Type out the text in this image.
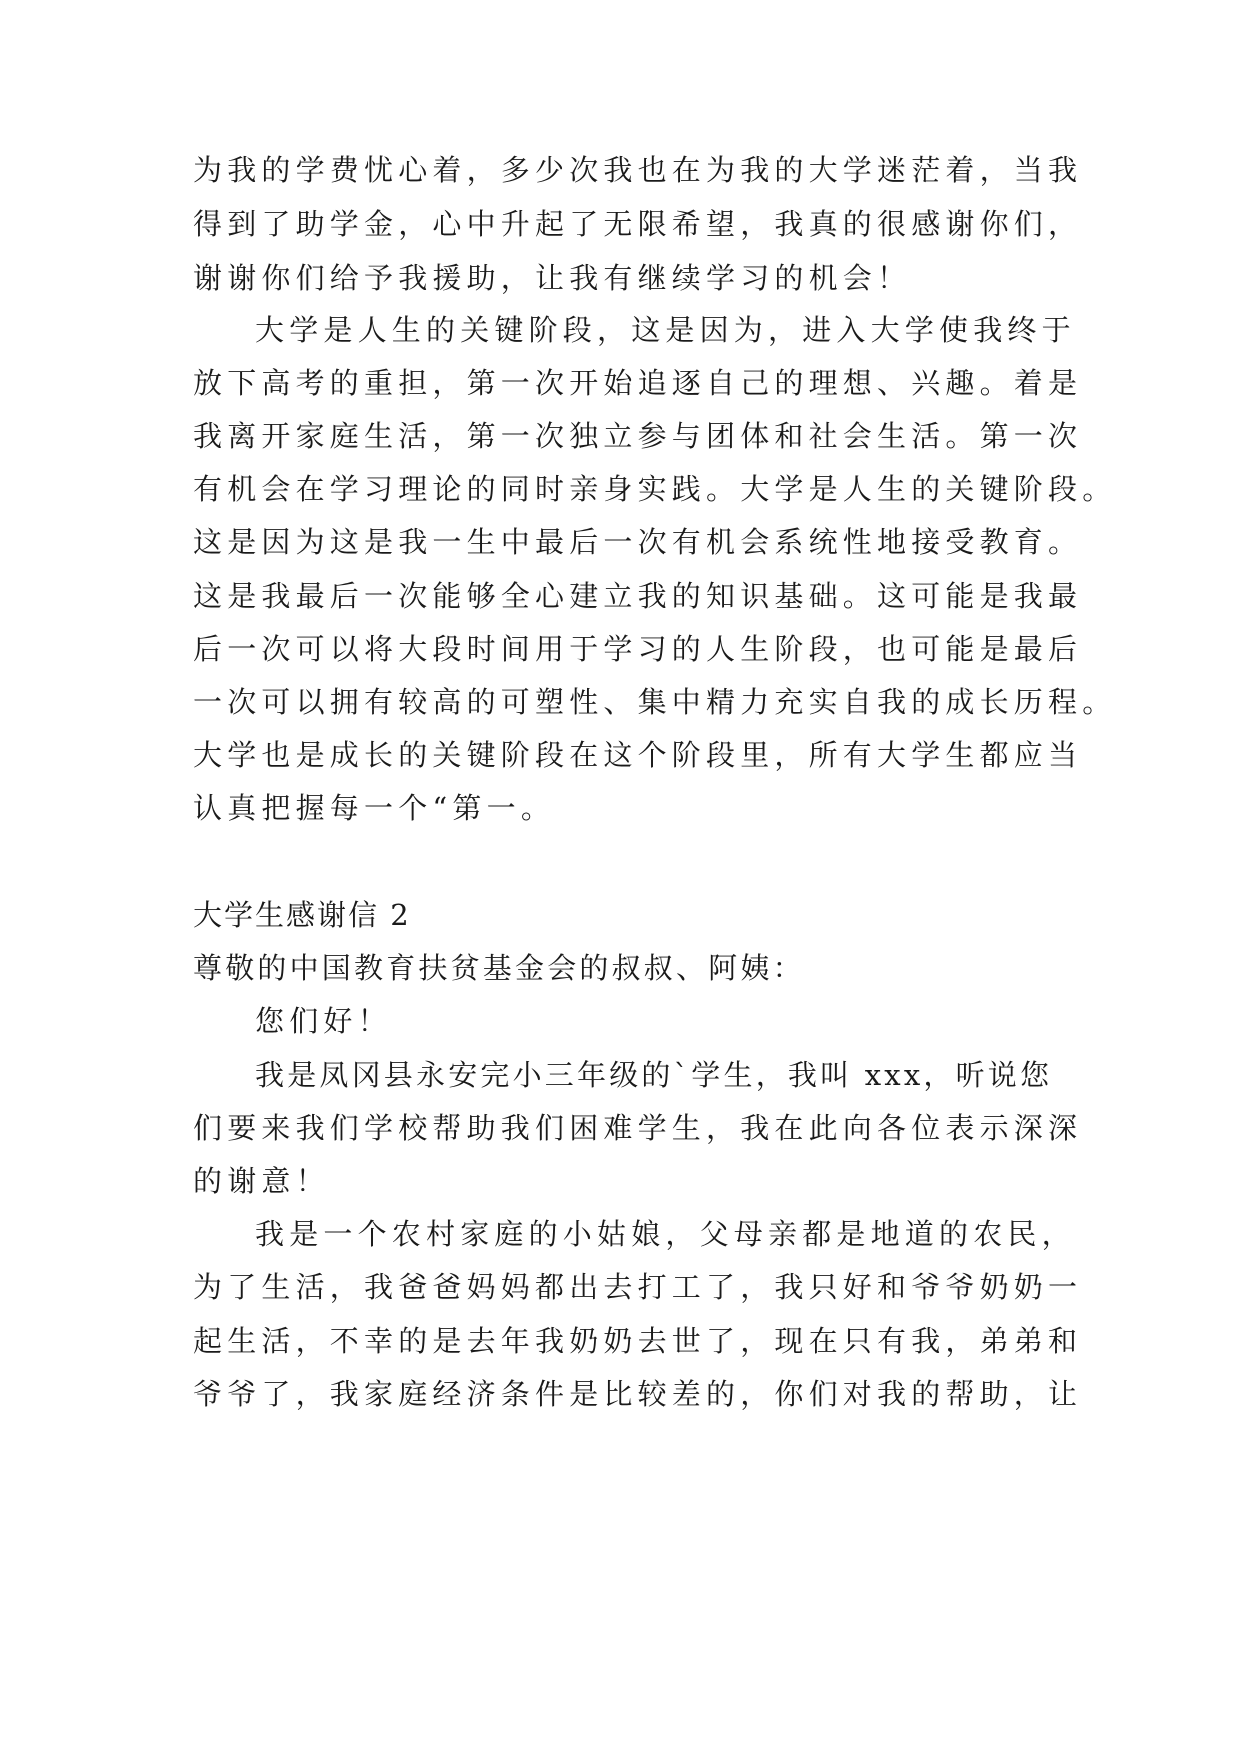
为我的学费忧心着，多少次我也在为我的大学迷茫着，当我
得到了助学金，心中升起了无限希望，我真的很感谢你们，
谢谢你们给予我援助，让我有继续学习的机会！
大学是人生的关键阶段，这是因为，进入大学使我终于
放下高考的重担，第一次开始追逐自己的理想、兴趣。着是
我离开家庭生活，第一次独立参与团体和社会生活。第一次
有机会在学习理论的同时亲身实践。大学是人生的关键阶段。
这是因为这是我一生中最后一次有机会系统性地接受教育。
这是我最后一次能够全心建立我的知识基础。这可能是我最
后一次可以将大段时间用于学习的人生阶段，也可能是最后
一次可以拥有较高的可塑性、集中精力充实自我的成长历程。
大学也是成长的关键阶段在这个阶段里，所有大学生都应当
认真把握每一个“第一。
大学生感谢信 2
尊敬的中国教育扶贫基金会的叔叔、阿姨：
您们好！
我是凤冈县永安完小三年级的`学生，我叫 xxx，听说您
们要来我们学校帮助我们困难学生，我在此向各位表示深深
的谢意！
我是一个农村家庭的小姑娘，父母亲都是地道的农民，
为了生活，我爸爸妈妈都出去打工了，我只好和爷爷奶奶一
起生活，不幸的是去年我奶奶去世了，现在只有我，弟弟和
爷爷了，我家庭经济条件是比较差的，你们对我的帮助，让
